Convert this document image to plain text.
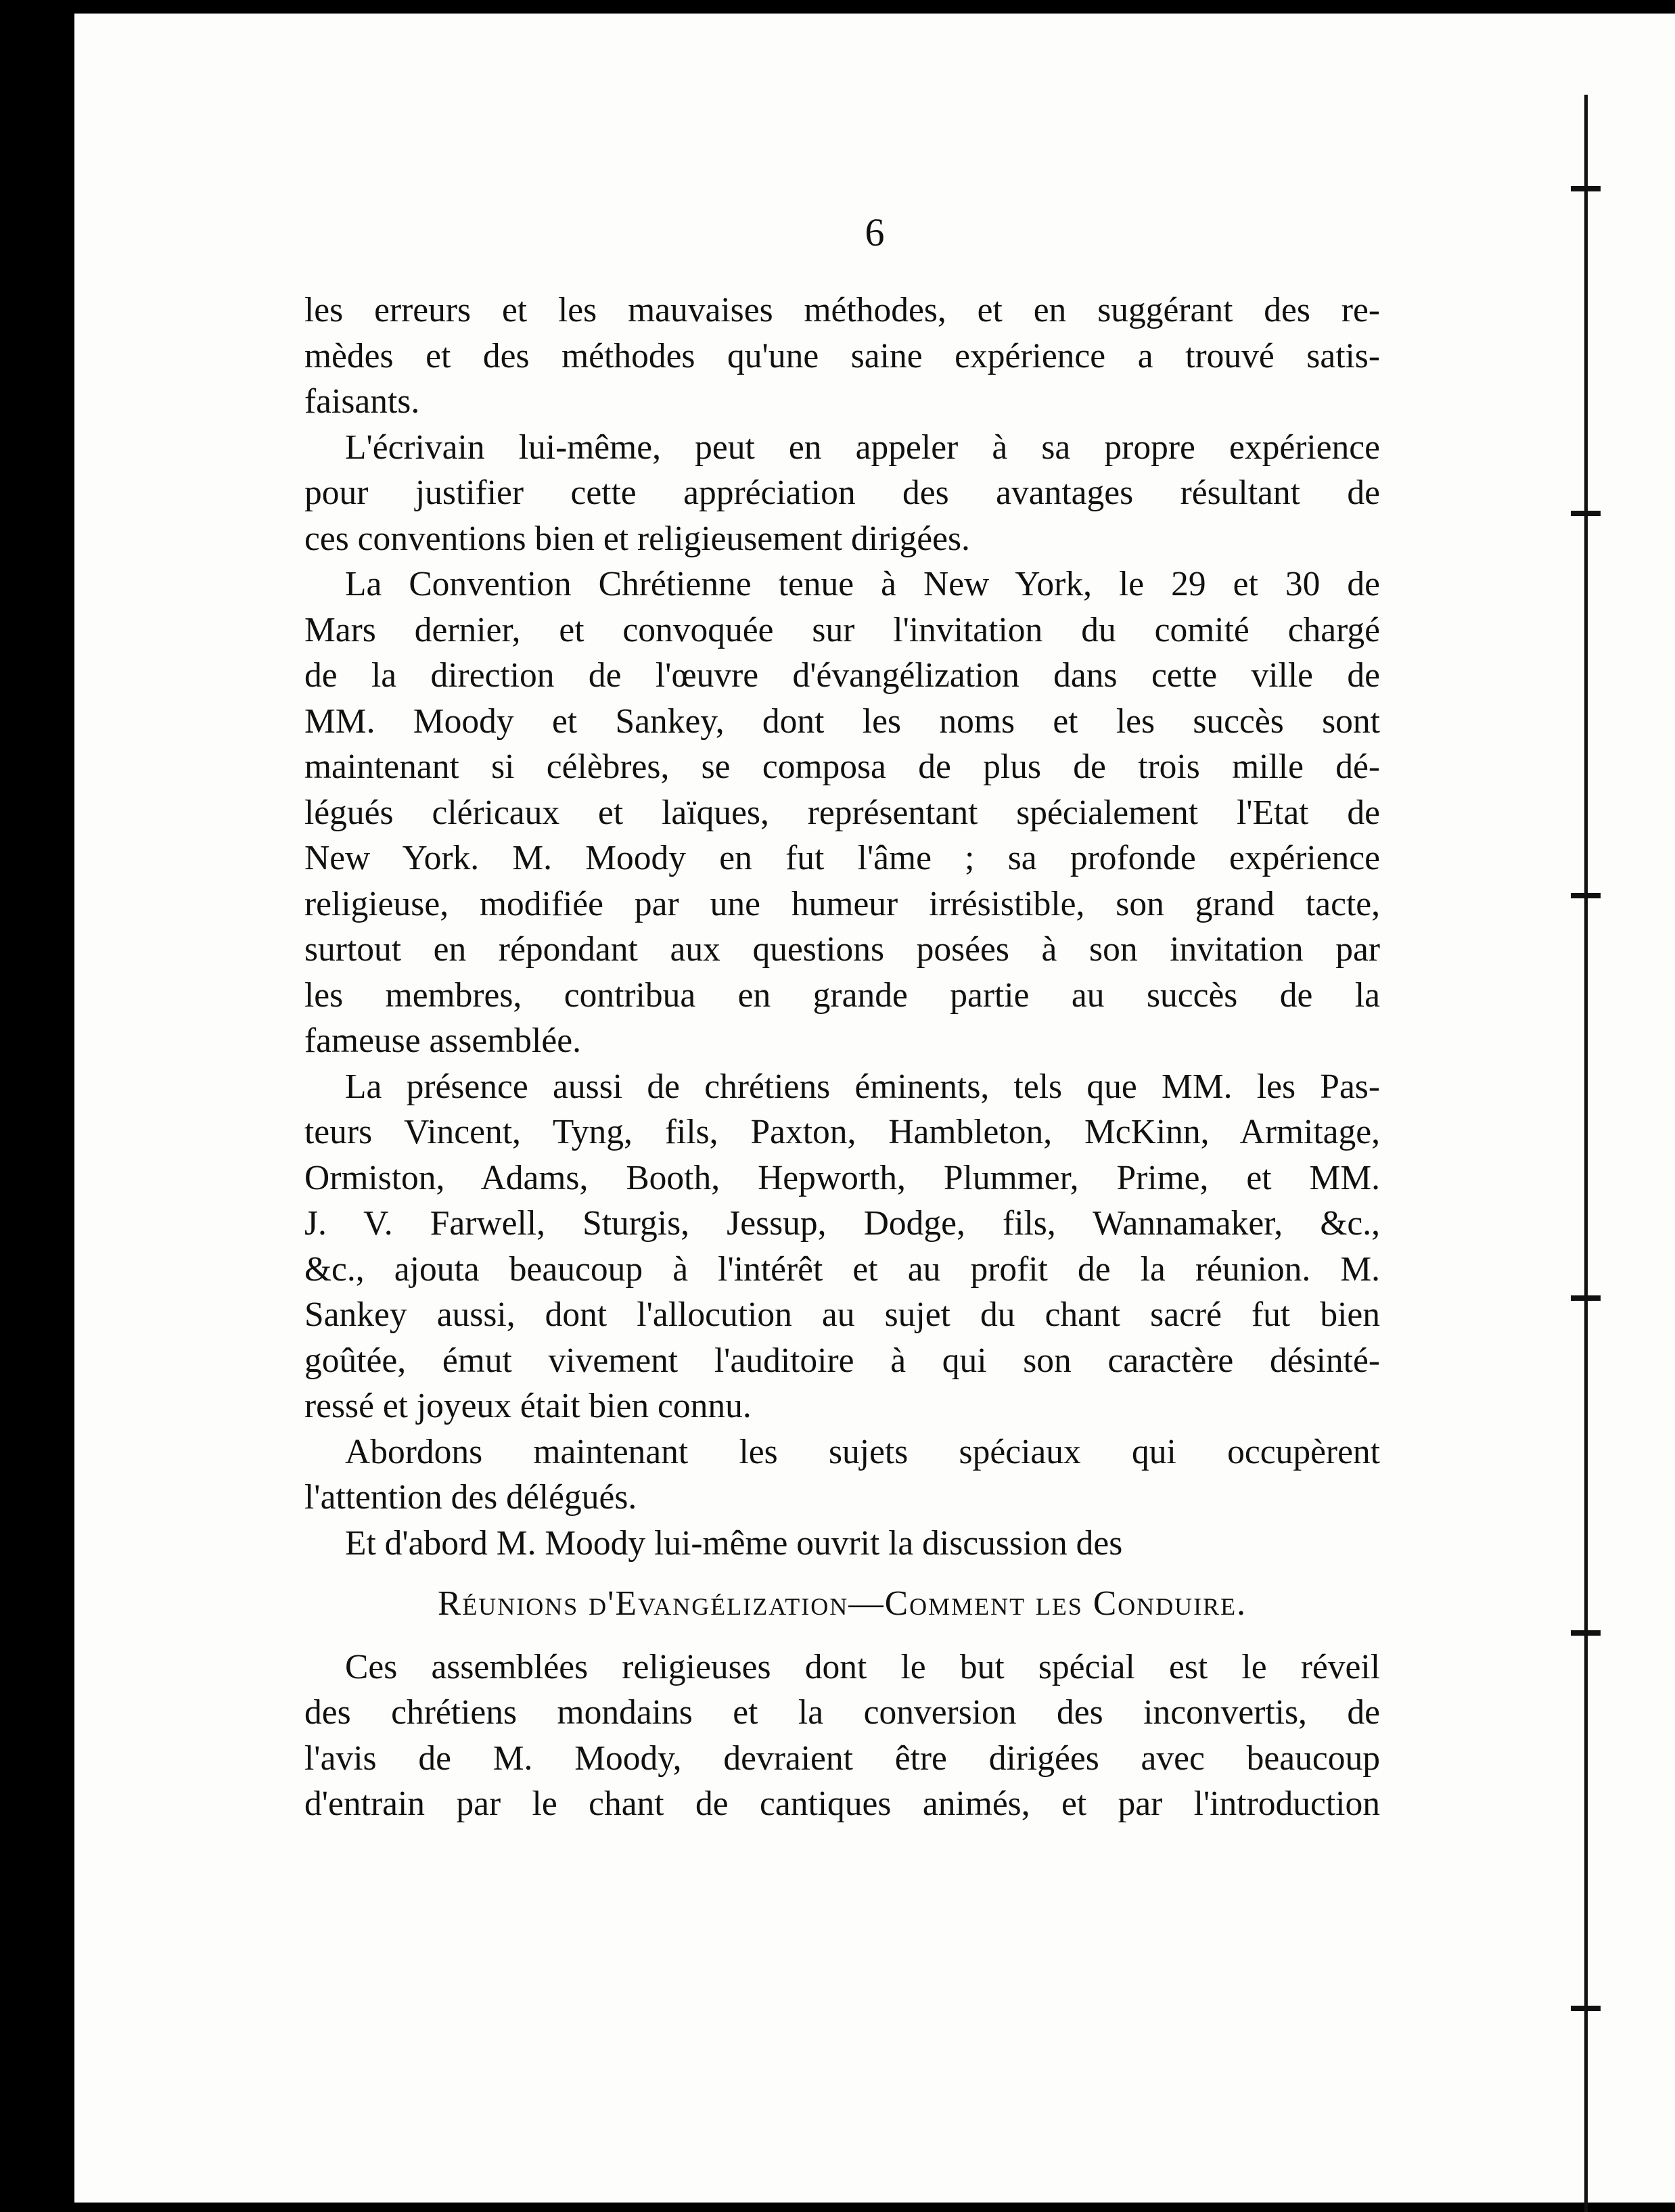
6
les erreurs et les mauvaises méthodes, et en suggérant des re-
mèdes et des méthodes qu'une saine expérience a trouvé satis-
faisants.
L'écrivain lui-même, peut en appeler à sa propre expérience
pour justifier cette appréciation des avantages résultant de
ces conventions bien et religieusement dirigées.
La Convention Chrétienne tenue à New York, le 29 et 30 de
Mars dernier, et convoquée sur l'invitation du comité chargé
de la direction de l'œuvre d'évangélization dans cette ville de
MM. Moody et Sankey, dont les noms et les succès sont
maintenant si célèbres, se composa de plus de trois mille dé-
légués cléricaux et laïques, représentant spécialement l'Etat de
New York. M. Moody en fut l'âme ; sa profonde expérience
religieuse, modifiée par une humeur irrésistible, son grand tacte,
surtout en répondant aux questions posées à son invitation par
les membres, contribua en grande partie au succès de la
fameuse assemblée.
La présence aussi de chrétiens éminents, tels que MM. les Pas-
teurs Vincent, Tyng, fils, Paxton, Hambleton, McKinn, Armitage,
Ormiston, Adams, Booth, Hepworth, Plummer, Prime, et MM.
J. V. Farwell, Sturgis, Jessup, Dodge, fils, Wannamaker, &c.,
&c., ajouta beaucoup à l'intérêt et au profit de la réunion. M.
Sankey aussi, dont l'allocution au sujet du chant sacré fut bien
goûtée, émut vivement l'auditoire à qui son caractère désinté-
ressé et joyeux était bien connu.
Abordons maintenant les sujets spéciaux qui occupèrent
l'attention des délégués.
Et d'abord M. Moody lui-même ouvrit la discussion des
Réunions d'Evangélization—Comment les Conduire.
Ces assemblées religieuses dont le but spécial est le réveil
des chrétiens mondains et la conversion des inconvertis, de
l'avis de M. Moody, devraient être dirigées avec beaucoup
d'entrain par le chant de cantiques animés, et par l'introduction
